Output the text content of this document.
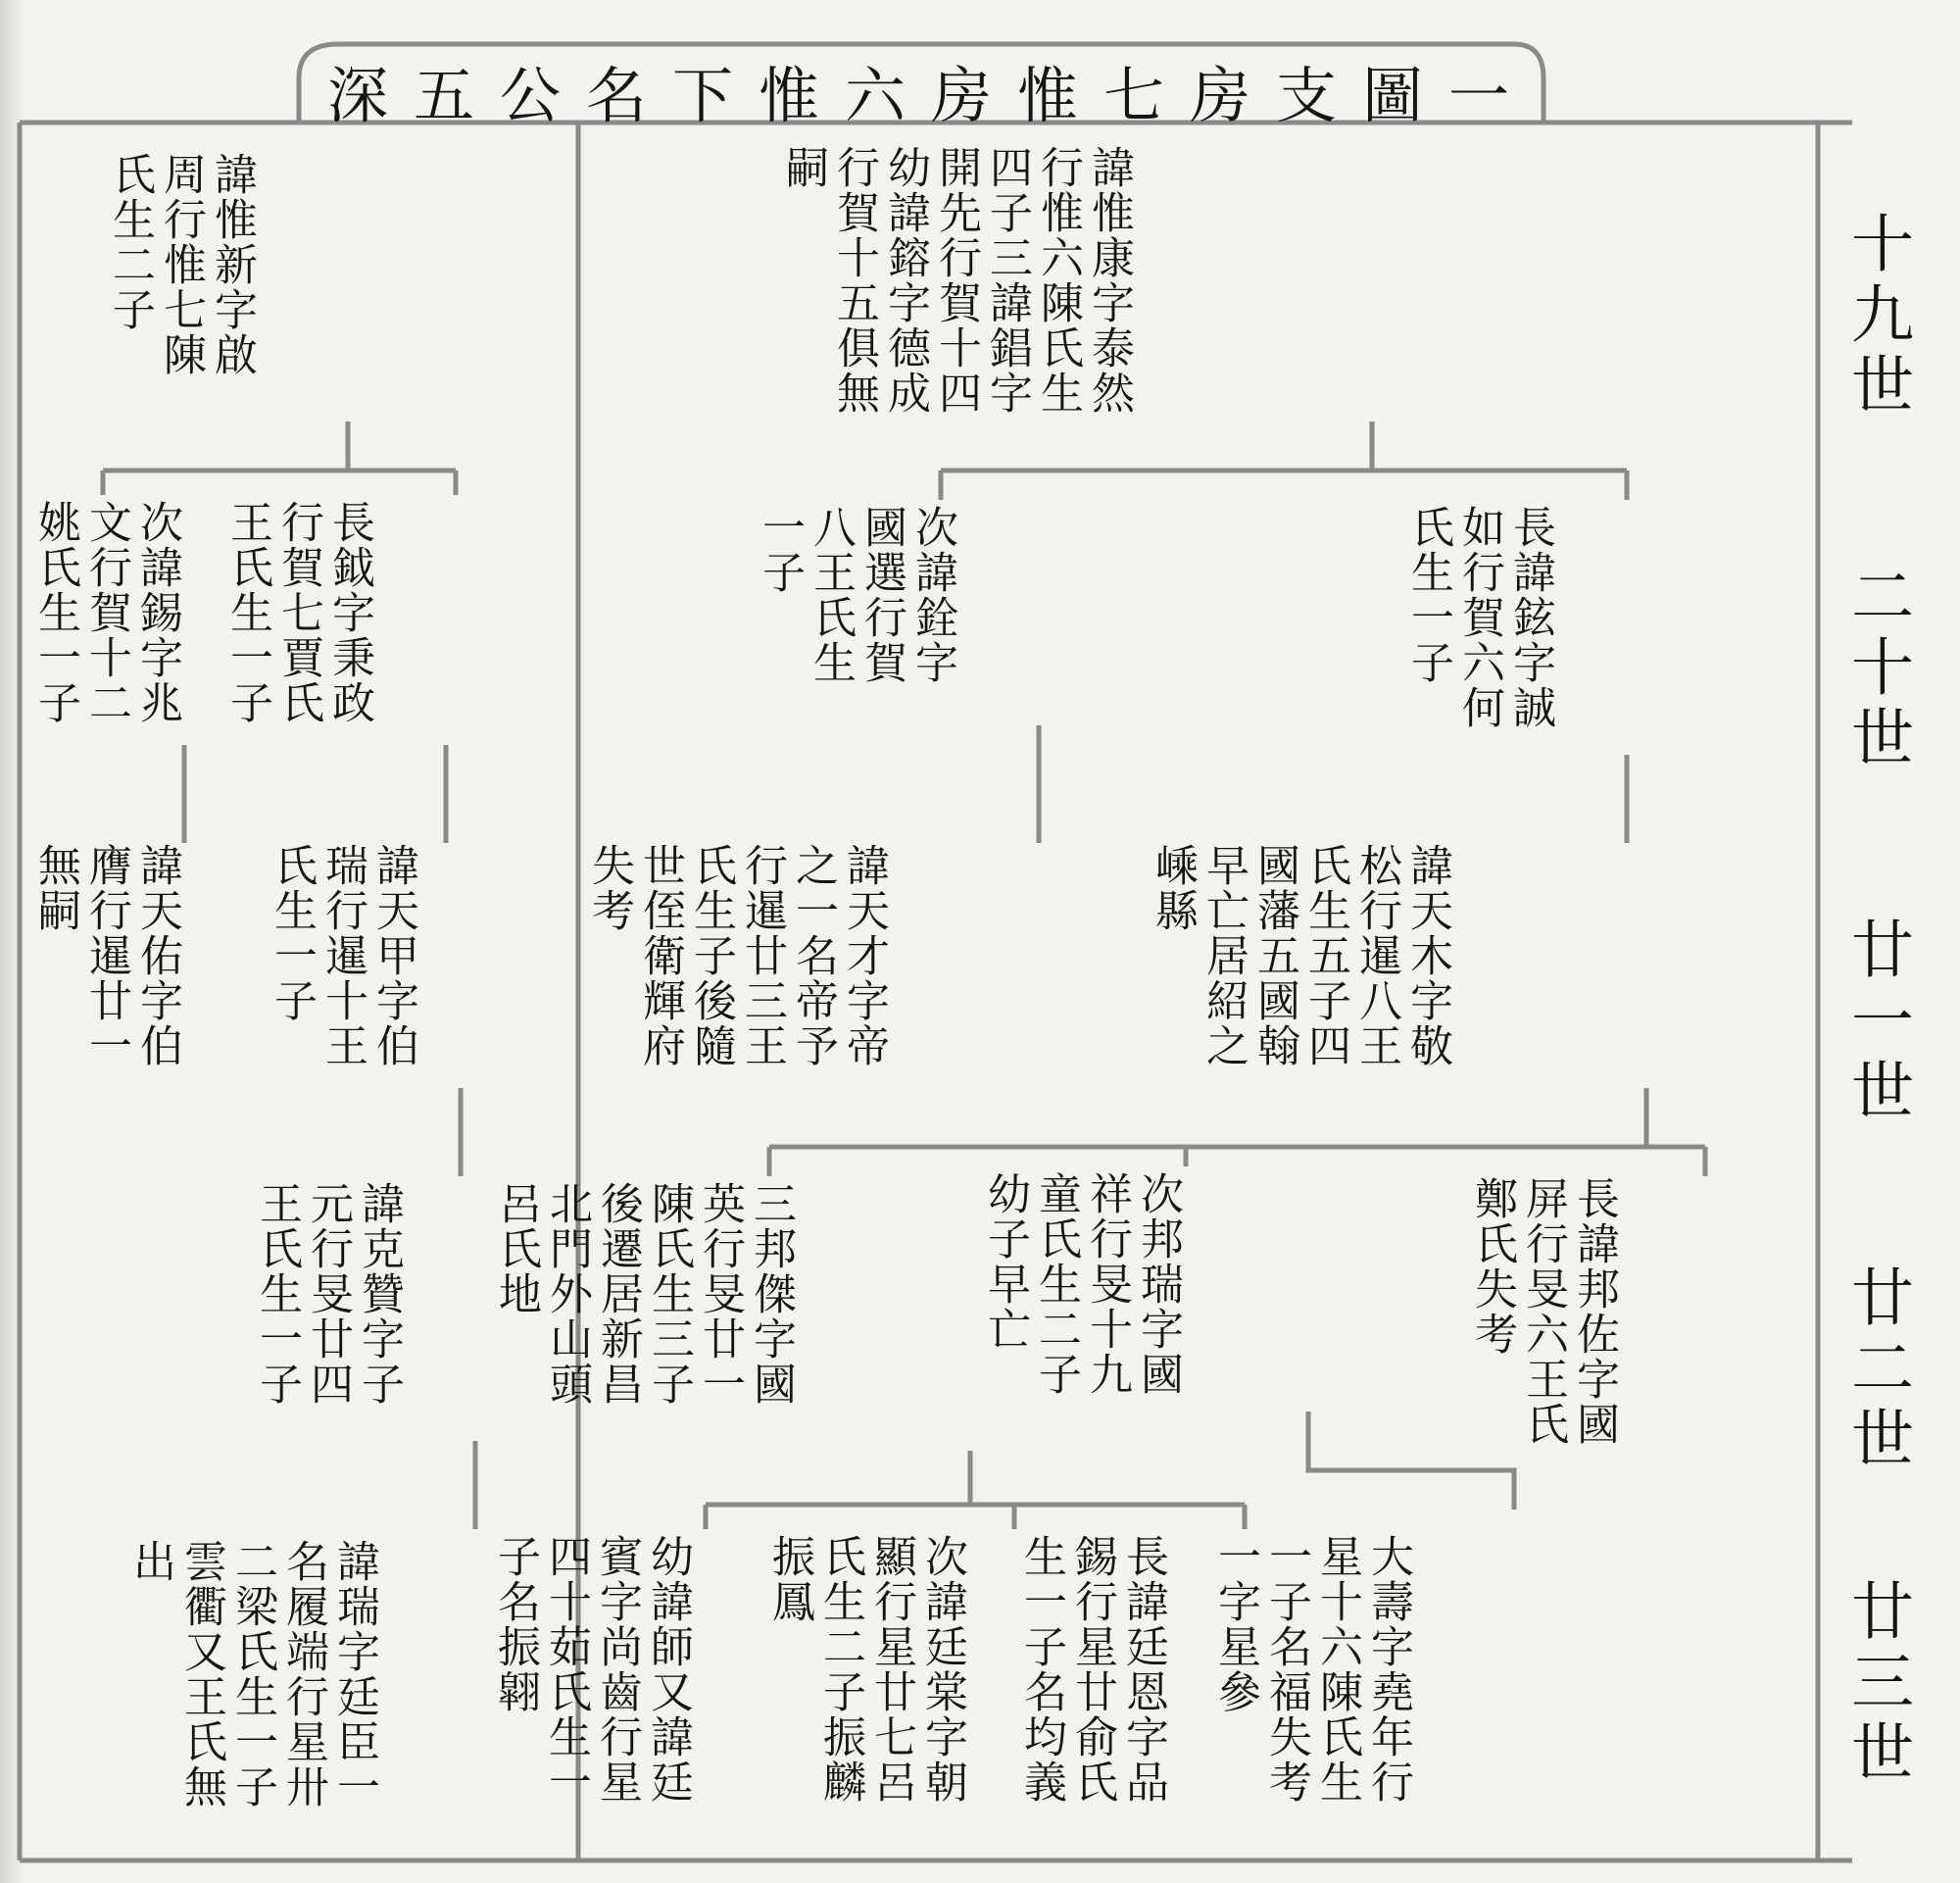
深五公名下惟六房惟七房支圖一
十九世
二十世
廿一世
廿二世
廿三世
諱惟康字泰然行惟六陳氏生四子三諱錩字開先行賀十四幼諱鎔字德成行賀十五俱無嗣
長諱鉉字誠如行賀六何氏生一子
次諱銓字國選行賀八王氏生一子
諱天木字敬松行暹八王氏生五子四國藩五國翰早亡居紹之嵊縣
諱天才字帝之一名帝予行暹廿三王氏生子後隨世侄衛輝府失考
長諱邦佐字國屏行旻六王氏鄭氏失考
次邦瑞字國祥行旻十九童氏生二子幼子早亡
三邦傑字國英行旻廿一陳氏生三子後遷居新昌北門外山頭呂氏地
大壽字堯年行星十六陳氏生一子名福失考一字星參
長諱廷恩字品錫行星廿俞氏生一子名均義
次諱廷棠字朝顯行星廿七呂氏生二子振麟振鳳
幼諱師又諱廷賓字尚齒行星四十茹氏生一子名振翶
諱惟新字啟周行惟七陳氏生二子
長鉞字秉政行賀七賈氏王氏生一子
次諱錫字兆文行賀十二姚氏生一子
諱天甲字伯瑞行暹十王氏生一子
諱天佑字伯膺行暹廿一無嗣
諱克贊字子元行旻廿四王氏生一子
諱瑞字廷臣一名履端行星卅二梁氏生一子雲衢又王氏無出
